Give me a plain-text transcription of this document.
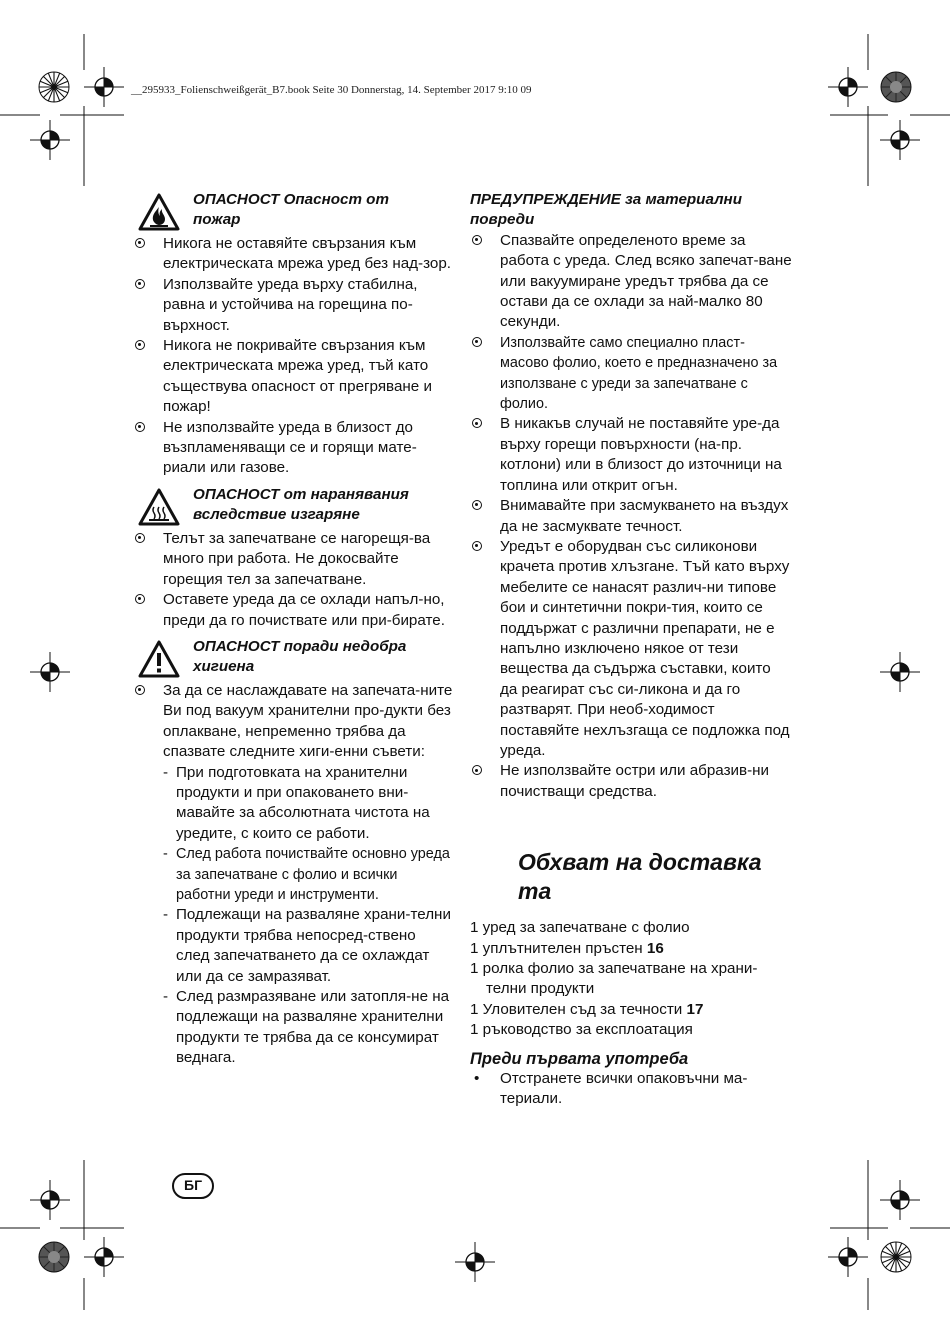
__295933_Folienschweißgerät_B7.book Seite 30 Donnerstag, 14. September 2017 9:10 09
ОПАСНОСТ Опасност от
пожар
Никога не оставяйте свързания към електрическата мрежа уред без над-зор.
Използвайте уреда върху стабилна, равна и устойчива на горещина по-върхност.
Никога не покривайте свързания към електрическата мрежа уред, тъй като съществува опасност от прегряване и пожар!
Не използвайте уреда в близост до възпламеняващи се и горящи мате-риали или газове.
ОПАСНОСТ от наранявания
вследствие изгаряне
Телът за запечатване се нагорещя-ва много при работа. Не докосвайте горещия тел за запечатване.
Оставете уреда да се охлади напъл-но, преди да го почиствате или при-бирате.
ОПАСНОСТ поради недобра
хигиена
За да се наслаждавате на запечата-ните Ви под вакуум хранителни про-дукти без оплакване, непременно трябва да спазвате следните хиги-енни съвети:
- При подготовката на хранителни продукти и при опаковането вни-мавайте за абсолютната чистота на уредите, с които се работи.
- След работа почиствайте основно уреда за запечатване с фолио и всички работни уреди и инструменти.
- Подлежащи на разваляне храни-телни продукти трябва непосред-ствено след запечатването да се охлаждат или да се замразяват.
- След размразяване или затопля-не на подлежащи на разваляне хранителни продукти те трябва да се консумират веднага.
ПРЕДУПРЕЖДЕНИЕ за материални
повреди
Спазвайте определеното време за работа с уреда. След всяко запечат-ване или вакуумиране уредът трябва да се остави да се охлади за най-малко 80 секунди.
Използвайте само специално пласт-масово фолио, което е предназначено за използване с уреди за запечатване с фолио.
В никакъв случай не поставяйте уре-да върху горещи повърхности (на-пр. котлони) или в близост до източници на топлина или открит огън.
Внимавайте при засмукването на въздух да не засмуквате течност.
Уредът е оборудван със силиконови крачета против хлъзгане. Тъй като върху мебелите се нанасят различ-ни типове бои и синтетични покри-тия, които се поддържат с различни препарати, не е напълно изключено някое от тези вещества да съдържа съставки, които да реагират със си-ликона и да го разтварят. При необ-ходимост поставяйте нехлъзгаща се подложка под уреда.
Не използвайте остри или абразив-ни почистващи средства.
Обхват на доставка
та
1 уред за запечатване с фолио
1 уплътнителен пръстен 16
1 ролка фолио за запечатване на храни-телни продукти
1 Уловителен съд за течности 17
1 ръководство за експлоатация
Преди първата употреба
• Отстранете всички опаковъчни ма-териали.
БГ
